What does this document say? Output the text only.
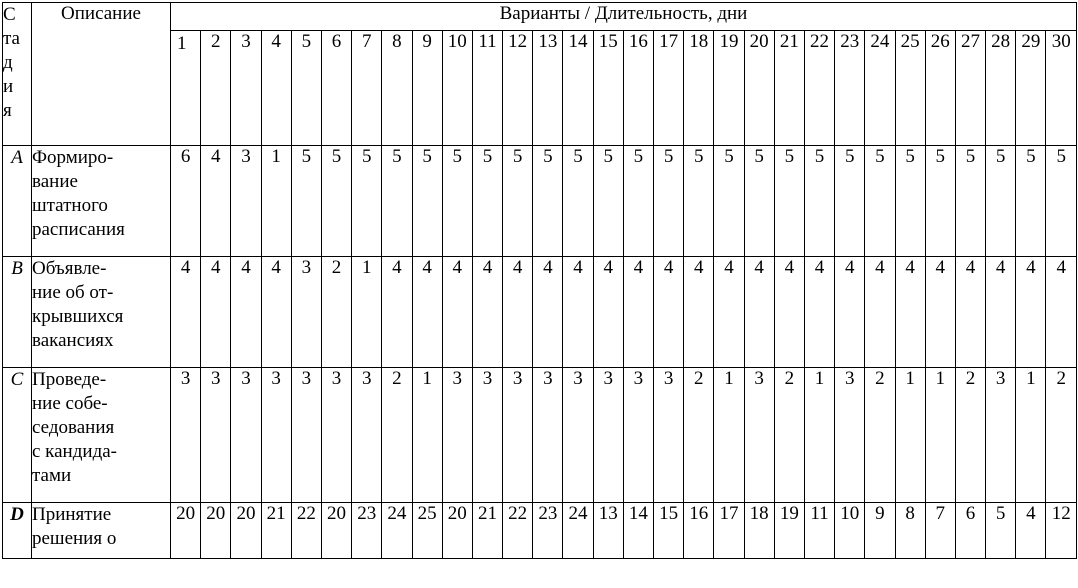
С
та
д
и
я	Описание	Варианты / Длительность, дни																													
		1	2	3	4	5	6	7	8	9	10	11	12	13	14	15	16	17	18	19	20	21	22	23	24	25	26	27	28	29	30
A	Формиро-
вание
штатного
расписания	6	4	3	1	5	5	5	5	5	5	5	5	5	5	5	5	5	5	5	5	5	5	5	5	5	5	5	5	5	5
B	Объявле-
ние об от-
крывшихся
вакансиях	4	4	4	4	3	2	1	4	4	4	4	4	4	4	4	4	4	4	4	4	4	4	4	4	4	4	4	4	4	4
C	Проведе-
ние собе-
седования
с кандида-
тами	3	3	3	3	3	3	3	2	1	3	3	3	3	3	3	3	3	2	1	3	2	1	3	2	1	1	2	3	1	2
D	Принятие
решения о	20	20	20	21	22	20	23	24	25	20	21	22	23	24	13	14	15	16	17	18	19	11	10	9	8	7	6	5	4	12
